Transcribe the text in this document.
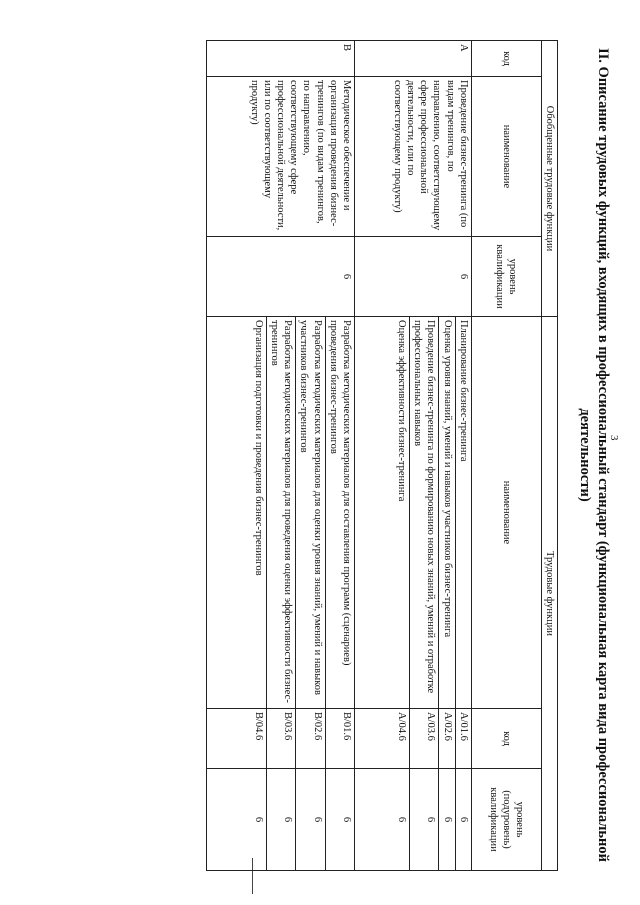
3
II. Описание трудовых функций, входящих в профессиональный стандарт (функциональная карта вида профессиональной деятельности)
Обобщенные трудовые функции			Трудовые функции		
код	наименование	уровень квалификации	наименование	код	уровень (подуровень) квалификации
A	Проведение бизнес-тренинга (по видам тренингов, по направлению, соответствующему сфере профессиональной деятельности, или по соответствующему продукту)	6	Планирование бизнес-тренинга	A/01.6	6
			Оценка уровня знаний, умений и навыков участников бизнес-тренинга	A/02.6	6
			Проведение бизнес-тренинга по формированию новых знаний, умений и отработке профессиональных навыков	A/03.6	6
			Оценка эффективности бизнес-тренинга	A/04.6	6
B	Методическое обеспечение и организация проведения бизнес-тренингов (по видам тренингов, по направлению, соответствующему сфере профессиональной деятельности, или по соответствующему продукту)	6	Разработка методических материалов для составления программ (сценариев) проведения бизнес-тренингов	B/01.6	6
			Разработка методических материалов для оценки уровня знаний, умений и навыков участников бизнес-тренингов	B/02.6	6
			Разработка методических материалов для проведения оценки эффективности бизнес-тренингов	B/03.6	6
			Организация подготовки и проведения бизнес-тренингов	B/04.6	6
